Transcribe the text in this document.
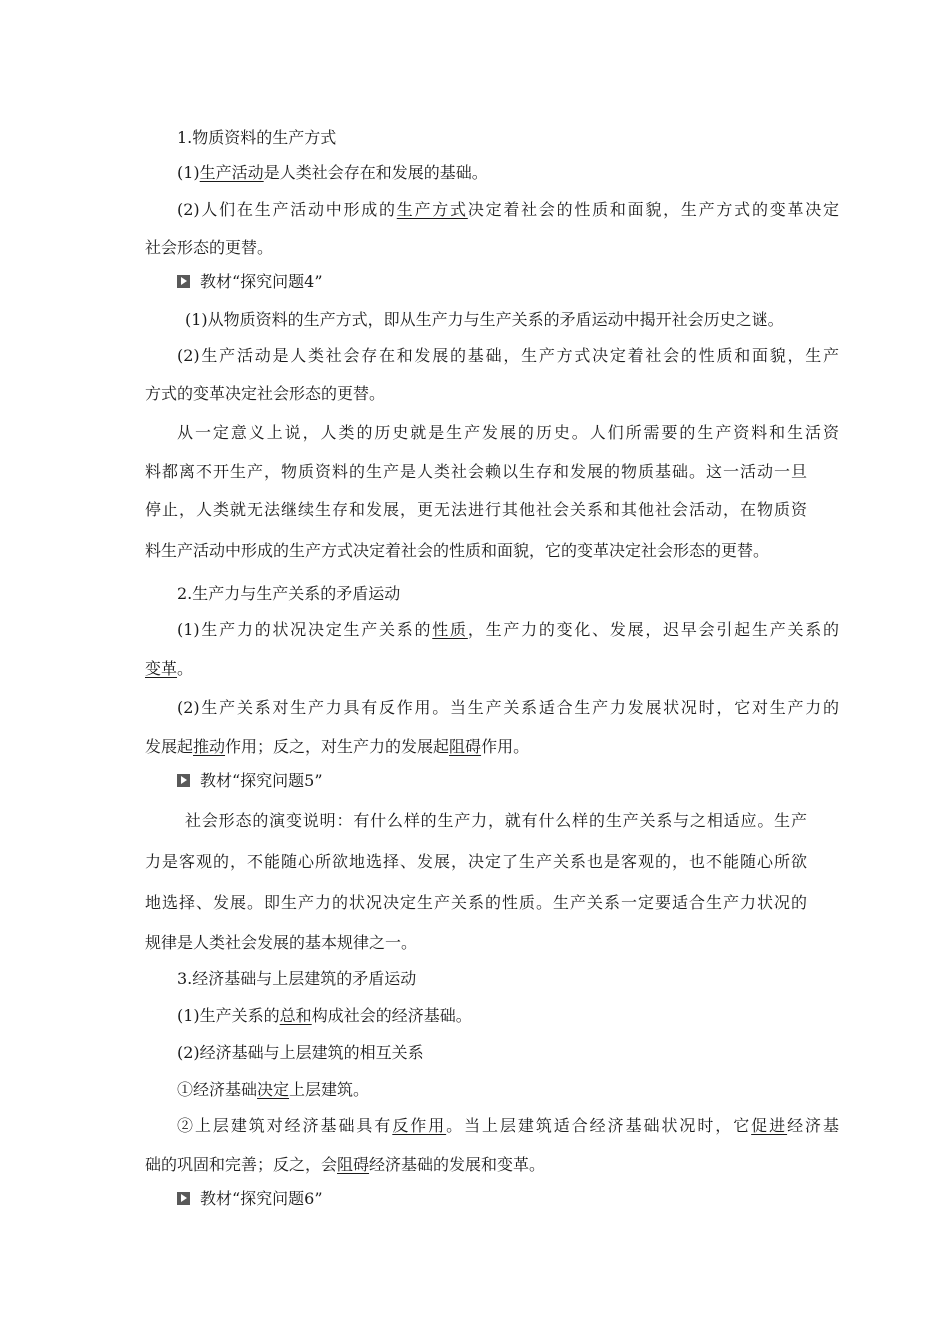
1.物质资料的生产方式
(1)生产活动是人类社会存在和发展的基础。
(2)人们在生产活动中形成的生产方式决定着社会的性质和面貌，生产方式的变革决定
社会形态的更替。
教材“探究问题4”
(1)从物质资料的生产方式，即从生产力与生产关系的矛盾运动中揭开社会历史之谜。
(2)生产活动是人类社会存在和发展的基础，生产方式决定着社会的性质和面貌，生产
方式的变革决定社会形态的更替。
从一定意义上说，人类的历史就是生产发展的历史。人们所需要的生产资料和生活资
料都离不开生产，物质资料的生产是人类社会赖以生存和发展的物质基础。这一活动一旦
停止，人类就无法继续生存和发展，更无法进行其他社会关系和其他社会活动，在物质资
料生产活动中形成的生产方式决定着社会的性质和面貌，它的变革决定社会形态的更替。
2.生产力与生产关系的矛盾运动
(1)生产力的状况决定生产关系的性质，生产力的变化、发展，迟早会引起生产关系的
变革。
(2)生产关系对生产力具有反作用。当生产关系适合生产力发展状况时，它对生产力的
发展起推动作用；反之，对生产力的发展起阻碍作用。
教材“探究问题5”
社会形态的演变说明：有什么样的生产力，就有什么样的生产关系与之相适应。生产
力是客观的，不能随心所欲地选择、发展，决定了生产关系也是客观的，也不能随心所欲
地选择、发展。即生产力的状况决定生产关系的性质。生产关系一定要适合生产力状况的
规律是人类社会发展的基本规律之一。
3.经济基础与上层建筑的矛盾运动
(1)生产关系的总和构成社会的经济基础。
(2)经济基础与上层建筑的相互关系
①经济基础决定上层建筑。
②上层建筑对经济基础具有反作用。当上层建筑适合经济基础状况时，它促进经济基
础的巩固和完善；反之，会阻碍经济基础的发展和变革。
教材“探究问题6”
